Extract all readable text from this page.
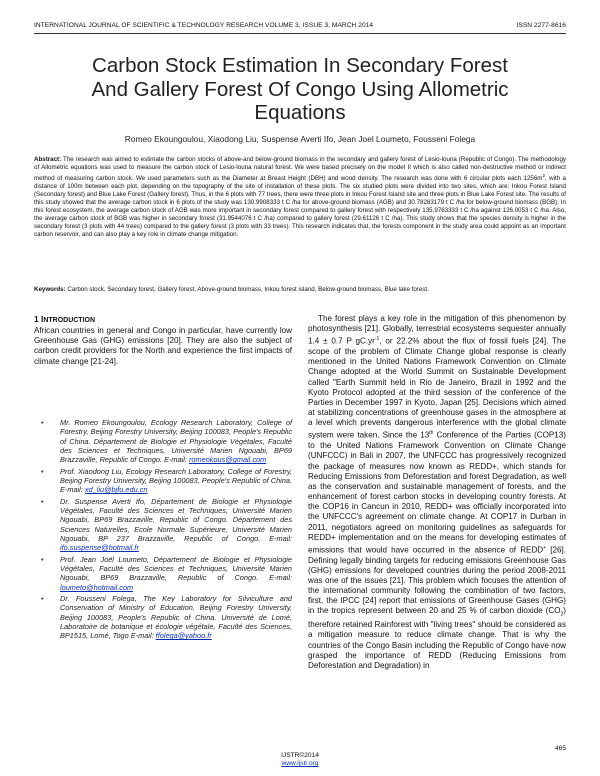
INTERNATIONAL JOURNAL OF SCIENTIFIC & TECHNOLOGY RESEARCH VOLUME 3, ISSUE 3, MARCH 2014	ISSN 2277-8616
Carbon Stock Estimation In Secondary Forest
And Gallery Forest Of Congo Using Allometric
Equations
Romeo Ekoungoulou, Xiaodong Liu, Suspense Averti Ifo, Jean Joel Loumeto, Fousseni Folega
Abstract: The research was aimed to estimate the carbon stocks of above-and below-ground biomass in the secondary and gallery forest of Lesio-louna (Republic of Congo). The methodology of Allometric equations was used to measure the carbon stock of Lesio-louna natural forest. We were based precisely on the model II which is also called non-destructive method or indirect method of measuring carbon stock. We used parameters such as the Diameter at Breast Height (DBH) and wood density. The research was done with 6 circular plots each $1256m^2$, with a distance of 100m between each plot, depending on the topography of the site of installation of these plots. The six studied plots were divided into two sites, which are: Inkou Forest Island (Secondary forest) and Blue Lake Forest (Gallery forest). Thus, in the 6 plots with 77 trees, there were three plots in Inkou Forest Island site and three plots in Blue Lake Forest site. The results of this study showed that the average carbon stock in 6 plots of the study was 130.9908333 t C /ha for above-ground biomass (AGB) and 30.78283179 t C /ha for below-ground biomass (BGB). In this forest ecosystem, the average carbon stock of AGB was more important in secondary forest compared to gallery forest with respectively 135.9763333 t C /ha against 126.0053 t C /ha. Also, the average carbon stock of BGB was higher in secondary forest (31.9544076 t C /ha) compared to gallery forest (29.61126 t C /ha). This study shows that the species density is higher in the secondary forest (3 plots with 44 trees) compared to the gallery forest (3 plots with 33 trees). This research indicates that, the forests component in the study area could appoint as an important carbon reservoir, and can also play a key role in climate change mitigation.
Keywords: Carbon stock, Secondary forest, Gallery forest, Above-ground biomass, Inkou forest island, Below-ground biomass, Blue lake forest.
1 INTRODUCTION

African countries in general and Congo in particular, have currently low Greenhouse Gas (GHG) emissions [20]. They are also the subject of carbon credit providers for the North and experience the first impacts of climate change [21-24].

• Mr. Romeo Ekoungoulou, Ecology Research Laboratory, College of Forestry, Beijing Forestry University, Beijing 100083, People's Republic of China. Département de Biologie et Physiologie Végétales, Faculté des Sciences et Techniques, Université Marien Ngouabi, BP69 Brazzaville, Republic of Congo. E-mail: romeokous@gmail.com
• Prof. Xiaodong Liu, Ecology Research Laboratory, College of Forestry, Beijing Forestry University, Beijing 100083, People's Republic of China. E-mail: xd_liu@bjfu.edu.cn
• Dr. Suspense Averti Ifo, Département de Biologie et Physiologie Végétales, Faculté des Sciences et Techniques, Université Marien Ngouabi, BP69 Brazzaville, Republic of Congo. Département des Sciences Naturelles, Ecole Normale Supérieure, Université Marien Ngouabi, BP 237 Brazzaville, Republic of Congo. E-mail: ifo.suspense@hotmail.fr
• Prof. Jean Joël Loumeto, Département de Biologie et Physiologie Végétales, Faculté des Sciences et Techniques, Université Marien Ngouabi, BP69 Brazzaville, Republic of Congo. E-mail: loumeto@hotmail.com
• Dr. Fousseni Folega, The Key Laboratory for Silviculture and Conservation of Ministry of Education, Beijing Forestry University, Beijing 100083, People's Republic of China. Université de Lomé, Laboratoire de botanique et écologie végétale, Faculté des Sciences, BP1515, Lomé, Togo E-mail: ffolega@yahoo.fr

The forest plays a key role in the mitigation of this phenomenon by photosynthesis [21]. Globally, terrestrial ecosystems sequester annually 1.4 ± 0.7 P $gC.yr^{-1}$, or 22.2% about the flux of fossil fuels [24]. The scope of the problem of Climate Change global response is clearly mentioned in the United Nations Framework Convention on Climate Change adopted at the World Summit on Sustainable Development called "Earth Summit held in Rio de Janeiro, Brazil in 1992 and the Kyoto Protocol adopted at the third session of the conference of the Parties in December 1997 in Kyoto, Japan [25]. Decisions which aimed at stabilizing concentrations of greenhouse gases in the atmosphere at a level which prevents dangerous interference with the global climate system were taken. Since the 13th Conference of the Parties (COP13) to the United Nations Framework Convention on Climate Change (UNFCCC) in Bali in 2007, the UNFCCC has progressively recognized the package of measures now known as REDD+, which stands for Reducing Emissions from Deforestation and forest Degradation, as well as the conservation and sustainable management of forests, and the enhancement of forest carbon stocks in developing country forests. At the COP16 in Cancun in 2010, REDD+ was officially incorporated into the UNFCCC's agreement on climate change. At COP17 in Durban in 2011, negotiators agreed on monitoring guidelines as safeguards for REDD+ implementation and on the means for developing estimates of emissions that would have occurred in the absence of REDD+ [26]. Defining legally binding targets for reducing emissions Greenhouse Gas (GHG) emissions for developed countries during the period 2008-2011 was one of the issues [21]. This problem which focuses the attention of the international community following the combination of two factors, first, the IPCC [24] report that emissions of Greenhouse Gases (GHG) in the tropics represent between 20 and 25 % of carbon dioxide $(CO_2)$ therefore retained Rainforest with "living trees" should be considered as a mitigation measure to reduce climate change. That is why the countries of the Congo Basin including the Republic of Congo have now grasped the importance of REDD (Reducing Emissions from Deforestation and Degradation) in

465
IJSTR©2014
www.ijstr.org
